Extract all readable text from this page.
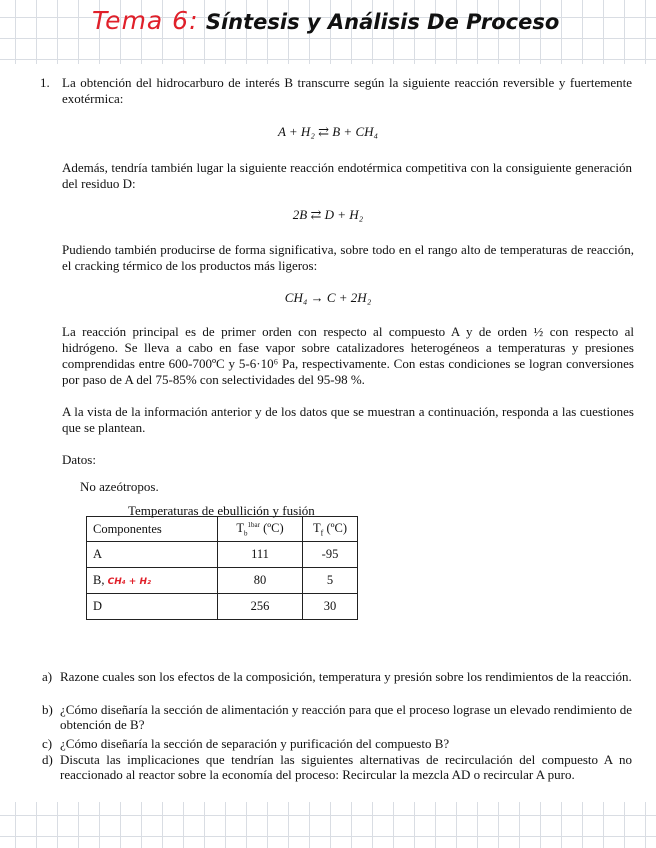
Tema 6: Síntesis y Análisis De Proceso
1. La obtención del hidrocarburo de interés B transcurre según la siguiente reacción reversible y fuertemente exotérmica:
A + H₂ ⇄ B + CH₄
Además, tendría también lugar la siguiente reacción endotérmica competitiva con la consiguiente generación del residuo D:
2B ⇄ D + H₂
Pudiendo también producirse de forma significativa, sobre todo en el rango alto de temperaturas de reacción, el cracking térmico de los productos más ligeros:
CH₄ → C + 2H₂
La reacción principal es de primer orden con respecto al compuesto A y de orden ½ con respecto al hidrógeno. Se lleva a cabo en fase vapor sobre catalizadores heterogéneos a temperaturas y presiones comprendidas entre 600-700ºC y 5-6·10⁶ Pa, respectivamente. Con estas condiciones se logran conversiones por paso de A del 75-85% con selectividades del 95-98 %.
A la vista de la información anterior y de los datos que se muestran a continuación, responda a las cuestiones que se plantean.
Datos:
No azeótropos.
Temperaturas de ebullición y fusión
Componentes	$T_b^{1bar}$ (ºC)	$T_f$ (ºC)
A	111	-95
B, CH₄ + H₂	80	5
D	256	30
a) Razone cuales son los efectos de la composición, temperatura y presión sobre los rendimientos de la reacción.
b) ¿Cómo diseñaría la sección de alimentación y reacción para que el proceso lograse un elevado rendimiento de obtención de B?
c) ¿Cómo diseñaría la sección de separación y purificación del compuesto B?
d) Discuta las implicaciones que tendrían las siguientes alternativas de recirculación del compuesto A no reaccionado al reactor sobre la economía del proceso: Recircular la mezcla AD o recircular A puro.
